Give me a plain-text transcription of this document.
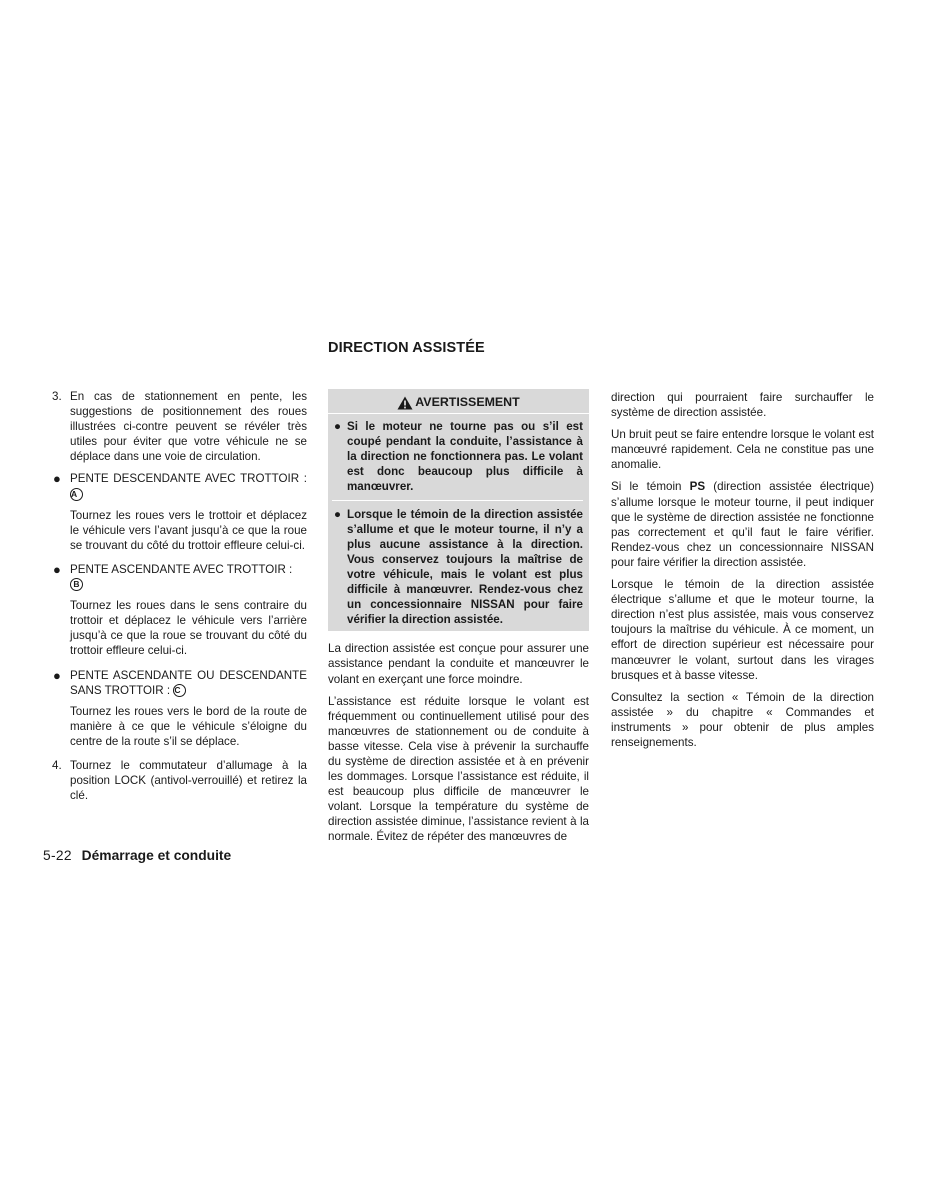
DIRECTION ASSISTÉE
3. En cas de stationnement en pente, les suggestions de positionnement des roues illustrées ci-contre peuvent se révéler très utiles pour éviter que votre véhicule ne se déplace dans une voie de circulation.

● PENTE DESCENDANTE AVEC TROTTOIR : A

Tournez les roues vers le trottoir et déplacez le véhicule vers l’avant jusqu’à ce que la roue se trouvant du côté du trottoir effleure celui-ci.

● PENTE ASCENDANTE AVEC TROTTOIR : B

Tournez les roues dans le sens contraire du trottoir et déplacez le véhicule vers l’arrière jusqu’à ce que la roue se trouvant du côté du trottoir effleure celui-ci.

● PENTE ASCENDANTE OU DESCENDANTE SANS TROTTOIR : C

Tournez les roues vers le bord de la route de manière à ce que le véhicule s’éloigne du centre de la route s’il se déplace.

4. Tournez le commutateur d’allumage à la position LOCK (antivol-verrouillé) et retirez la clé.

AVERTISSEMENT
● Si le moteur ne tourne pas ou s’il est coupé pendant la conduite, l’assistance à la direction ne fonctionnera pas. Le volant est donc beaucoup plus difficile à manœuvrer.
● Lorsque le témoin de la direction assistée s’allume et que le moteur tourne, il n’y a plus aucune assistance à la direction. Vous conservez toujours la maîtrise de votre véhicule, mais le volant est plus difficile à manœuvrer. Rendez-vous chez un concessionnaire NISSAN pour faire vérifier la direction assistée.

La direction assistée est conçue pour assurer une assistance pendant la conduite et manœuvrer le volant en exerçant une force moindre.

L’assistance est réduite lorsque le volant est fréquemment ou continuellement utilisé pour des manœuvres de stationnement ou de conduite à basse vitesse. Cela vise à prévenir la surchauffe du système de direction assistée et à en prévenir les dommages. Lorsque l’assistance est réduite, il est beaucoup plus difficile de manœuvrer le volant. Lorsque la température du système de direction assistée diminue, l’assistance revient à la normale. Évitez de répéter des manœuvres de

direction qui pourraient faire surchauffer le système de direction assistée.

Un bruit peut se faire entendre lorsque le volant est manœuvré rapidement. Cela ne constitue pas une anomalie.

Si le témoin PS (direction assistée électrique) s’allume lorsque le moteur tourne, il peut indiquer que le système de direction assistée ne fonctionne pas correctement et qu’il faut le faire vérifier. Rendez-vous chez un concessionnaire NISSAN pour faire vérifier la direction assistée.

Lorsque le témoin de la direction assistée électrique s’allume et que le moteur tourne, la direction n’est plus assistée, mais vous conservez toujours la maîtrise du véhicule. À ce moment, un effort de direction supérieur est nécessaire pour manœuvrer le volant, surtout dans les virages brusques et à basse vitesse.

Consultez la section « Témoin de la direction assistée » du chapitre « Commandes et instruments » pour obtenir de plus amples renseignements.

5-22 Démarrage et conduite
